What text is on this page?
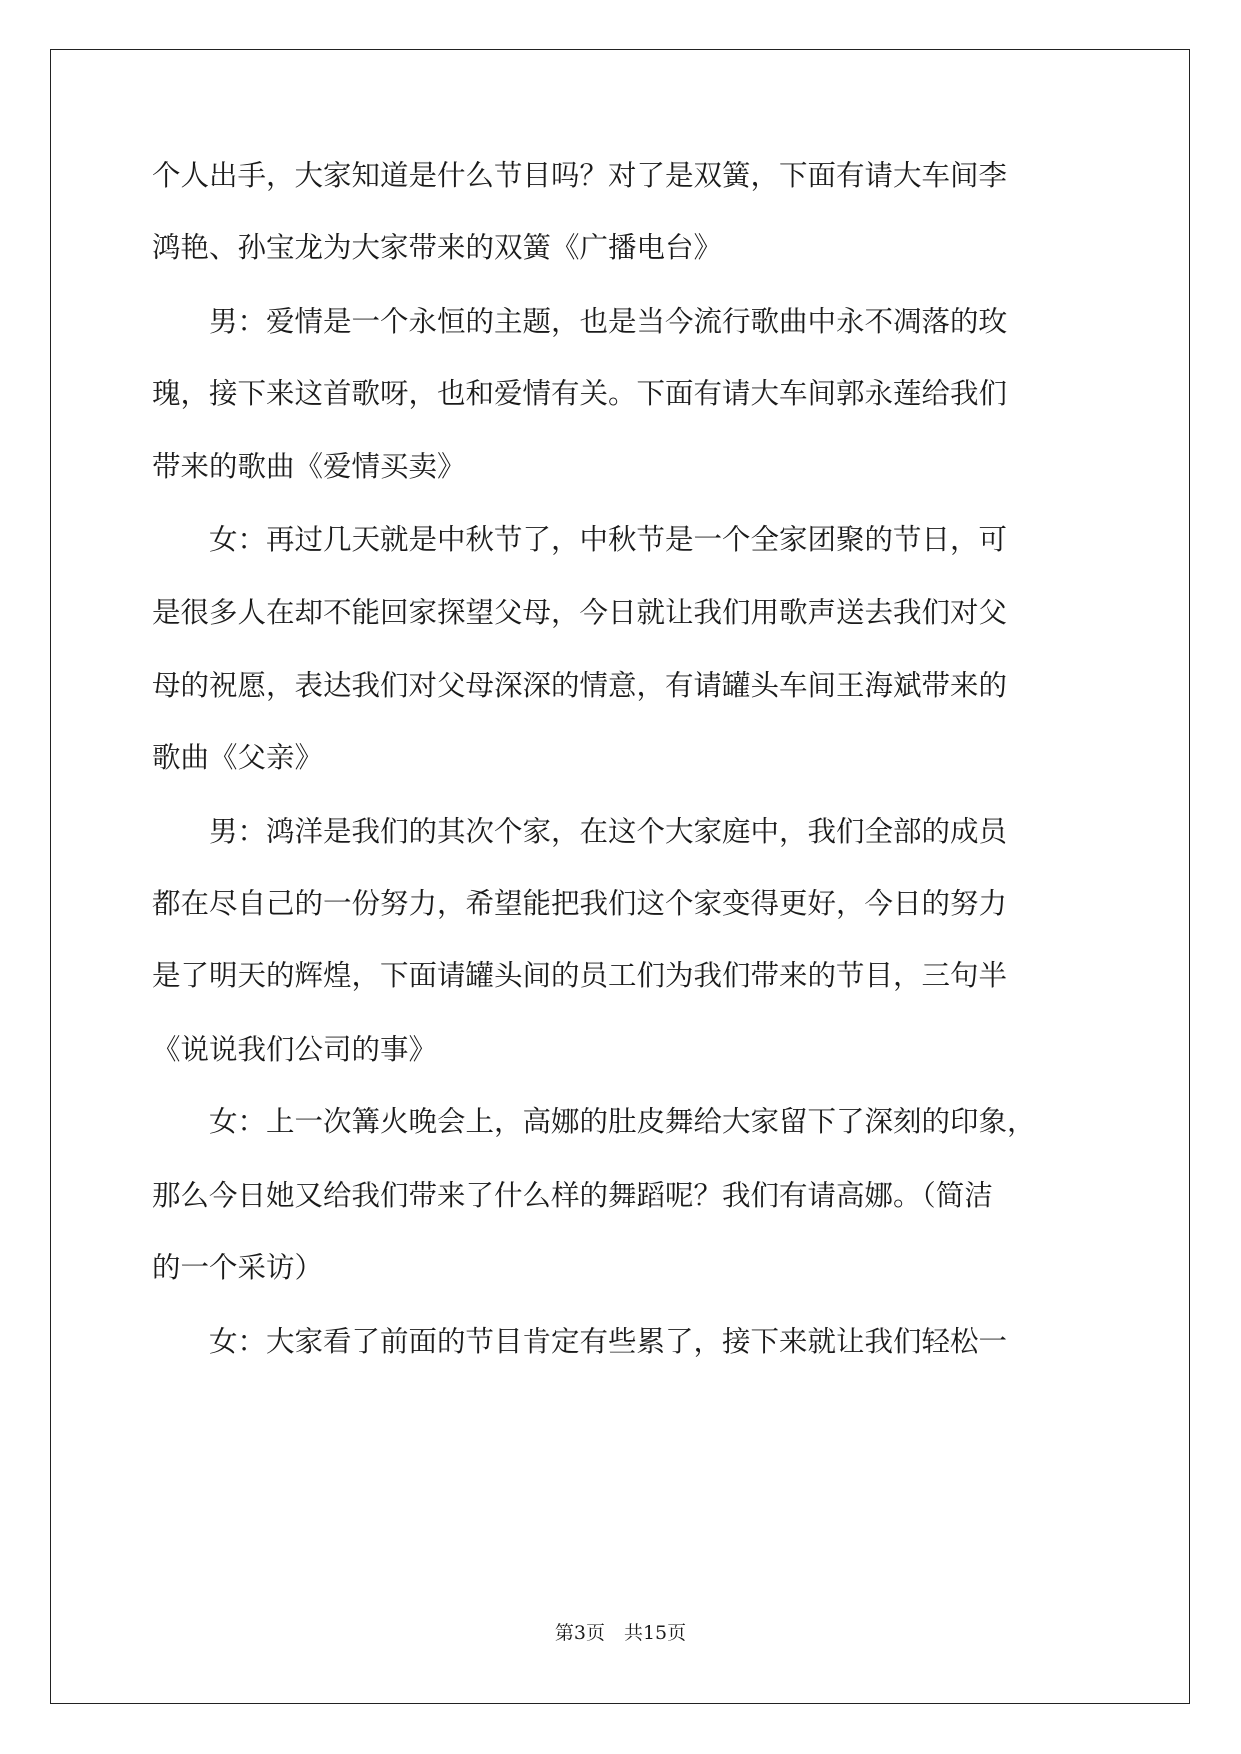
个人出手，大家知道是什么节目吗？对了是双簧，下面有请大车间李

鸿艳、孙宝龙为大家带来的双簧《广播电台》

　　男：爱情是一个永恒的主题，也是当今流行歌曲中永不凋落的玫

瑰，接下来这首歌呀，也和爱情有关。下面有请大车间郭永莲给我们

带来的歌曲《爱情买卖》

　　女：再过几天就是中秋节了，中秋节是一个全家团聚的节日，可

是很多人在却不能回家探望父母，今日就让我们用歌声送去我们对父

母的祝愿，表达我们对父母深深的情意，有请罐头车间王海斌带来的

歌曲《父亲》

　　男：鸿洋是我们的其次个家，在这个大家庭中，我们全部的成员

都在尽自己的一份努力，希望能把我们这个家变得更好，今日的努力

是了明天的辉煌，下面请罐头间的员工们为我们带来的节目，三句半

《说说我们公司的事》

　　女：上一次篝火晚会上，高娜的肚皮舞给大家留下了深刻的印象，

那么今日她又给我们带来了什么样的舞蹈呢？我们有请高娜。（简洁

的一个采访）

　　女：大家看了前面的节目肯定有些累了，接下来就让我们轻松一

第3页　共15页
